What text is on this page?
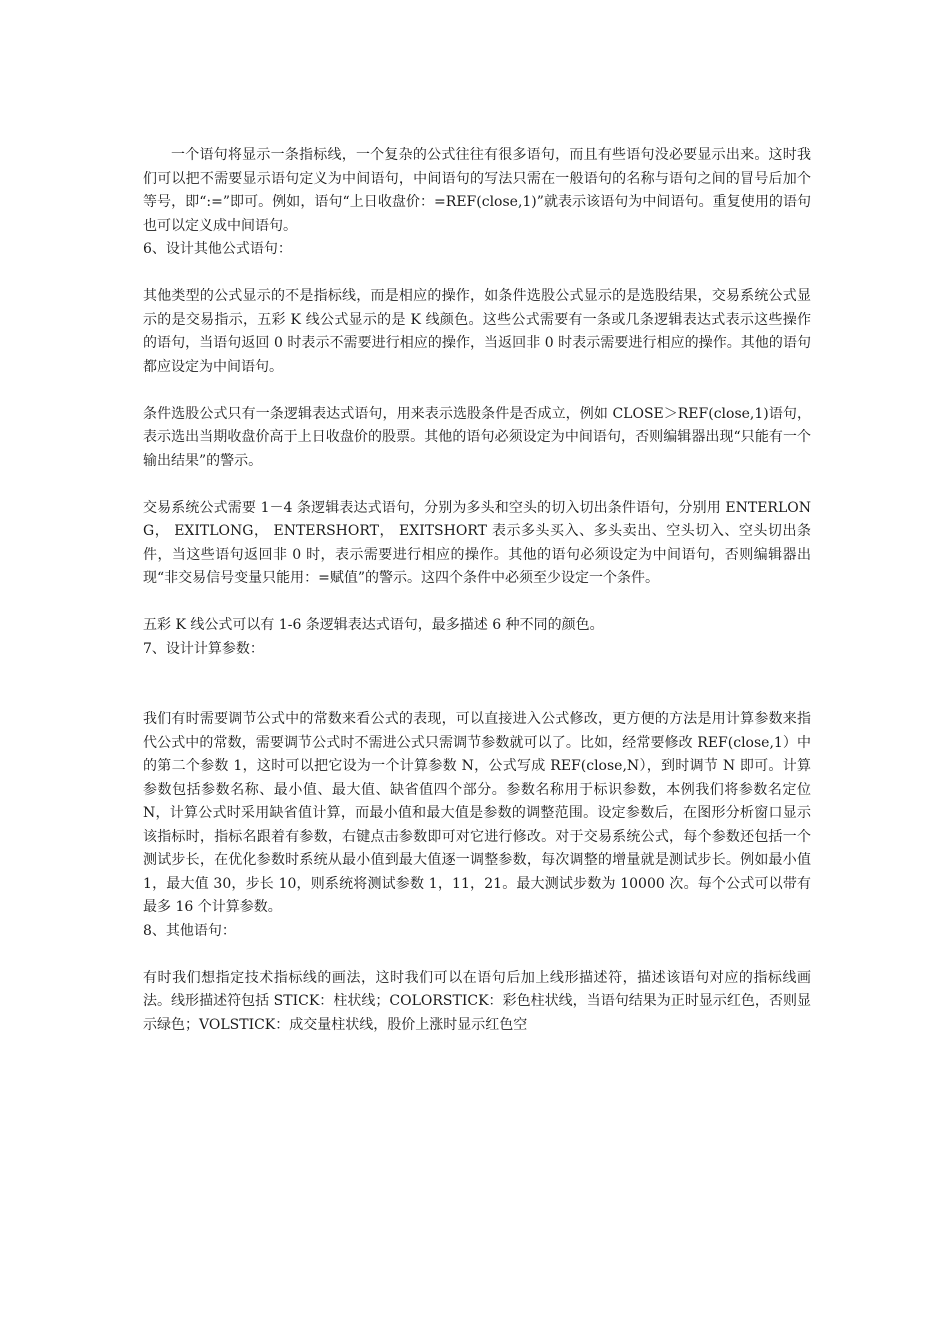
一个语句将显示一条指标线，一个复杂的公式往往有很多语句，而且有些语句没必要显示出来。这时我们可以把不需要显示语句定义为中间语句，中间语句的写法只需在一般语句的名称与语句之间的冒号后加个等号，即“:=”即可。例如，语句“上日收盘价：=REF(close,1)”就表示该语句为中间语句。重复使用的语句也可以定义成中间语句。

6、设计其他公式语句：

其他类型的公式显示的不是指标线，而是相应的操作，如条件选股公式显示的是选股结果，交易系统公式显示的是交易指示，五彩 K 线公式显示的是 K 线颜色。这些公式需要有一条或几条逻辑表达式表示这些操作的语句，当语句返回 0 时表示不需要进行相应的操作，当返回非 0 时表示需要进行相应的操作。其他的语句都应设定为中间语句。

条件选股公式只有一条逻辑表达式语句，用来表示选股条件是否成立，例如 CLOSE＞REF(close,1)语句，表示选出当期收盘价高于上日收盘价的股票。其他的语句必须设定为中间语句，否则编辑器出现“只能有一个输出结果”的警示。

交易系统公式需要 1－4 条逻辑表达式语句，分别为多头和空头的切入切出条件语句，分别用 ENTERLONG， EXITLONG， ENTERSHORT， EXITSHORT 表示多头买入、多头卖出、空头切入、空头切出条件，当这些语句返回非 0 时，表示需要进行相应的操作。其他的语句必须设定为中间语句，否则编辑器出现“非交易信号变量只能用：=赋值”的警示。这四个条件中必须至少设定一个条件。

五彩 K 线公式可以有 1-6 条逻辑表达式语句，最多描述 6 种不同的颜色。

7、设计计算参数：

我们有时需要调节公式中的常数来看公式的表现，可以直接进入公式修改，更方便的方法是用计算参数来指代公式中的常数，需要调节公式时不需进公式只需调节参数就可以了。比如，经常要修改 REF(close,1）中的第二个参数 1，这时可以把它设为一个计算参数 N，公式写成 REF(close,N），到时调节 N 即可。计算参数包括参数名称、最小值、最大值、缺省值四个部分。参数名称用于标识参数，本例我们将参数名定位 N，计算公式时采用缺省值计算，而最小值和最大值是参数的调整范围。设定参数后，在图形分析窗口显示该指标时，指标名跟着有参数，右键点击参数即可对它进行修改。对于交易系统公式，每个参数还包括一个测试步长，在优化参数时系统从最小值到最大值逐一调整参数，每次调整的增量就是测试步长。例如最小值 1，最大值 30，步长 10，则系统将测试参数 1，11，21。最大测试步数为 10000 次。每个公式可以带有最多 16 个计算参数。

8、其他语句：

有时我们想指定技术指标线的画法，这时我们可以在语句后加上线形描述符，描述该语句对应的指标线画法。线形描述符包括 STICK：柱状线；COLORSTICK：彩色柱状线，当语句结果为正时显示红色，否则显示绿色；VOLSTICK：成交量柱状线，股价上涨时显示红色空
